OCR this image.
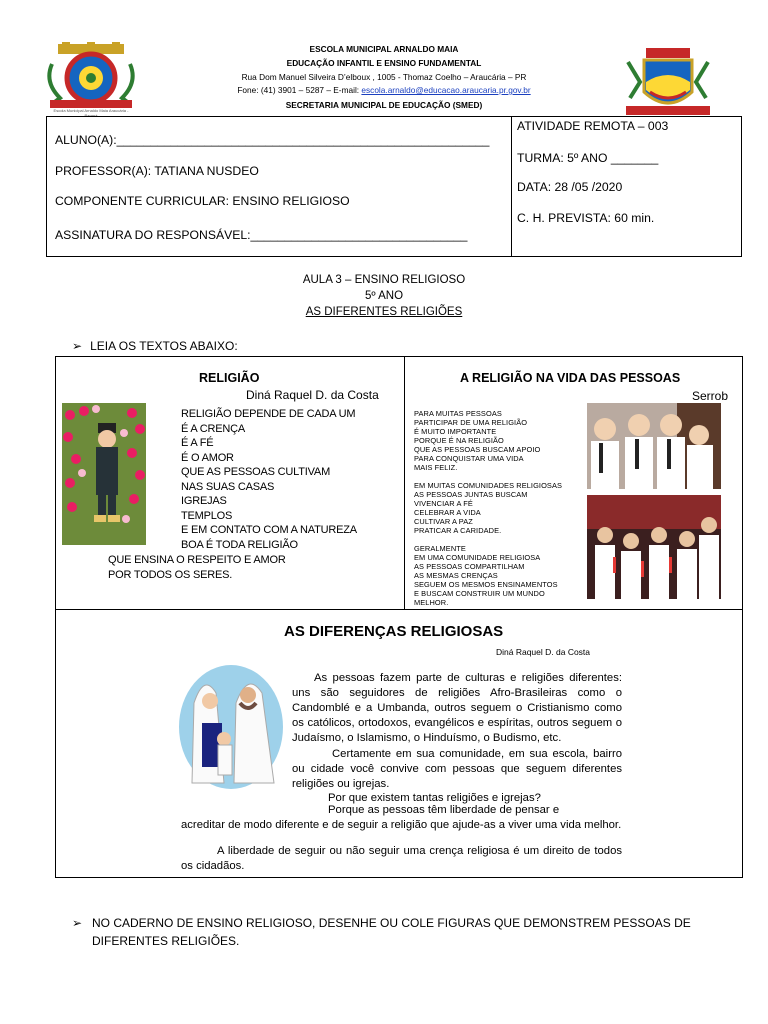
Escola Municipal Arnaldo Maia Araucária - Paraná
ESCOLA MUNICIPAL ARNALDO MAIA
EDUCAÇÃO INFANTIL E ENSINO FUNDAMENTAL
Rua Dom Manuel Silveira D’elboux , 1005 - Thomaz Coelho – Araucária – PR
Fone: (41) 3901 – 5287 – E-mail: escola.arnaldo@educacao.araucaria.pr.gov.br
SECRETARIA MUNICIPAL DE EDUCAÇÃO (SMED)
ALUNO(A):_______________________________________________________
PROFESSOR(A): TATIANA NUSDEO
COMPONENTE CURRICULAR: ENSINO RELIGIOSO
ASSINATURA DO RESPONSÁVEL:________________________________
ATIVIDADE REMOTA – 003
TURMA: 5º ANO _______
DATA: 28 /05 /2020
C. H. PREVISTA: 60 min.
AULA 3 – ENSINO RELIGIOSO
5º ANO
AS DIFERENTES RELIGIÕES
➢ LEIA OS TEXTOS ABAIXO:
RELIGIÃO
Diná Raquel D. da Costa
RELIGIÃO DEPENDE DE CADA UM
É A CRENÇA
É A FÉ
É O AMOR
QUE AS PESSOAS CULTIVAM
NAS SUAS CASAS
IGREJAS
TEMPLOS
E EM CONTATO COM A NATUREZA
BOA É TODA RELIGIÃO
QUE ENSINA O RESPEITO E AMOR
POR TODOS OS SERES.
A RELIGIÃO NA VIDA DAS PESSOAS
Serrob
PARA MUITAS PESSOAS
PARTICIPAR DE UMA RELIGIÃO
É MUITO IMPORTANTE
PORQUE É NA RELIGIÃO
QUE AS PESSOAS BUSCAM APOIO
PARA CONQUISTAR UMA VIDA
MAIS FELIZ.
EM MUITAS COMUNIDADES RELIGIOSAS
AS PESSOAS JUNTAS BUSCAM
VIVENCIAR A FÉ
CELEBRAR A VIDA
CULTIVAR A PAZ
PRATICAR A CARIDADE.
GERALMENTE
EM UMA COMUNIDADE RELIGIOSA
AS PESSOAS COMPARTILHAM
AS MESMAS CRENÇAS
SEGUEM OS MESMOS ENSINAMENTOS
E BUSCAM CONSTRUIR UM MUNDO
MELHOR.
AS DIFERENÇAS RELIGIOSAS
Diná Raquel D. da Costa
As pessoas fazem parte de culturas e religiões diferentes: uns são seguidores de religiões Afro-Brasileiras como o Candomblé e a Umbanda, outros seguem o Cristianismo como os católicos, ortodoxos, evangélicos e espíritas, outros seguem o Judaísmo, o Islamismo, o Hinduísmo, o Budismo, etc.
Certamente em sua comunidade, em sua escola, bairro ou cidade você convive com pessoas que seguem diferentes religiões ou igrejas.
Por que existem tantas religiões e igrejas?
Porque as pessoas têm liberdade de pensar e
acreditar de modo diferente e de seguir a religião que ajude-as a viver uma vida melhor.
A liberdade de seguir ou não seguir uma crença religiosa é um direito de todos os cidadãos.
➢ NO CADERNO DE ENSINO RELIGIOSO, DESENHE OU COLE FIGURAS QUE DEMONSTREM PESSOAS DE DIFERENTES RELIGIÕES.
